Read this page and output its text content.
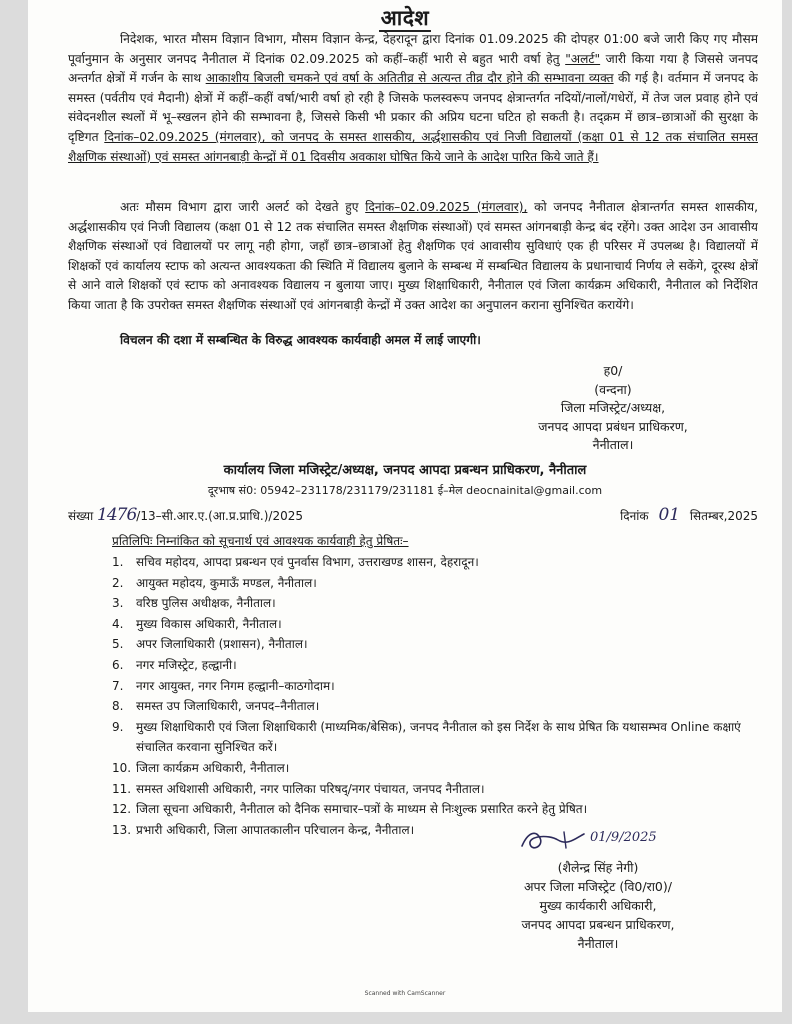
आदेश

निदेशक, भारत मौसम विज्ञान विभाग, मौसम विज्ञान केन्द्र, देहरादून द्वारा दिनांक 01.09.2025 की दोपहर 01:00 बजे जारी किए गए मौसम पूर्वानुमान के अनुसार जनपद नैनीताल में दिनांक 02.09.2025 को कहीं–कहीं भारी से बहुत भारी वर्षा हेतु "अलर्ट" जारी किया गया है जिससे जनपद अन्तर्गत क्षेत्रों में गर्जन के साथ आकाशीय बिजली चमकने एवं वर्षा के अतितीव्र से अत्यन्त तीव्र दौर होने की सम्भावना व्यक्त की गई है। वर्तमान में जनपद के समस्त (पर्वतीय एवं मैदानी) क्षेत्रों में कहीं–कहीं वर्षा/भारी वर्षा हो रही है जिसके फलस्वरूप जनपद क्षेत्रान्तर्गत नदियों/नालों/गधेरों, में तेज जल प्रवाह होने एवं संवेदनशील स्थलों में भू–स्खलन होने की सम्भावना है, जिससे किसी भी प्रकार की अप्रिय घटना घटित हो सकती है। तद्क्रम में छात्र–छात्राओं की सुरक्षा के दृष्टिगत दिनांक–02.09.2025 (मंगलवार), को जनपद के समस्त शासकीय, अर्द्धशासकीय एवं निजी विद्यालयों (कक्षा 01 से 12 तक संचालित समस्त शैक्षणिक संस्थाओं) एवं समस्त आंगनबाड़ी केन्द्रों में 01 दिवसीय अवकाश घोषित किये जाने के आदेश पारित किये जाते हैं।

अतः मौसम विभाग द्वारा जारी अलर्ट को देखते हुए दिनांक–02.09.2025 (मंगलवार), को जनपद नैनीताल क्षेत्रान्तर्गत समस्त शासकीय, अर्द्धशासकीय एवं निजी विद्यालय (कक्षा 01 से 12 तक संचालित समस्त शैक्षणिक संस्थाओं) एवं समस्त आंगनबाड़ी केन्द्र बंद रहेंगे। उक्त आदेश उन आवासीय शैक्षणिक संस्थाओं एवं विद्यालयों पर लागू नही होगा, जहाँ छात्र–छात्राओं हेतु शैक्षणिक एवं आवासीय सुविधाएं एक ही परिसर में उपलब्ध है। विद्यालयों में शिक्षकों एवं कार्यालय स्टाफ को अत्यन्त आवश्यकता की स्थिति में विद्यालय बुलाने के सम्बन्ध में सम्बन्धित विद्यालय के प्रधानाचार्य निर्णय ले सकेंगे, दूरस्थ क्षेत्रों से आने वाले शिक्षकों एवं स्टाफ को अनावश्यक विद्यालय न बुलाया जाए। मुख्य शिक्षाधिकारी, नैनीताल एवं जिला कार्यक्रम अधिकारी, नैनीताल को निर्देशित किया जाता है कि उपरोक्त समस्त शैक्षणिक संस्थाओं एवं आंगनबाड़ी केन्द्रों में उक्त आदेश का अनुपालन कराना सुनिश्चित करायेंगे।

विचलन की दशा में सम्बन्धित के विरुद्ध आवश्यक कार्यवाही अमल में लाई जाएगी।

ह0/
(वन्दना)
जिला मजिस्ट्रेट/अध्यक्ष,
जनपद आपदा प्रबंधन प्राधिकरण,
नैनीताल।
कार्यालय जिला मजिस्ट्रेट/अध्यक्ष, जनपद आपदा प्रबन्धन प्राधिकरण, नैनीताल
दूरभाष सं0: 05942–231178/231179/231181 ई–मेल deocnainital@gmail.com
संख्या 1476/13–सी.आर.ए.(आ.प्र.प्राधि.)/2025	दिनांक 01 सितम्बर,2025
प्रतिलिपिः निम्नांकित को सूचनार्थ एवं आवश्यक कार्यवाही हेतु प्रेषितः–
1.	सचिव महोदय, आपदा प्रबन्धन एवं पुनर्वास विभाग, उत्तराखण्ड शासन, देहरादून।
2.	आयुक्त महोदय, कुमाऊँ मण्डल, नैनीताल।
3.	वरिष्ठ पुलिस अधीक्षक, नैनीताल।
4.	मुख्य विकास अधिकारी, नैनीताल।
5.	अपर जिलाधिकारी (प्रशासन), नैनीताल।
6.	नगर मजिस्ट्रेट, हल्द्वानी।
7.	नगर आयुक्त, नगर निगम हल्द्वानी–काठगोदाम।
8.	समस्त उप जिलाधिकारी, जनपद–नैनीताल।
9.	मुख्य शिक्षाधिकारी एवं जिला शिक्षाधिकारी (माध्यमिक/बेसिक), जनपद नैनीताल को इस निर्देश के साथ प्रेषित कि यथासम्भव Online कक्षाएं संचालित करवाना सुनिश्चित करें।
10. जिला कार्यक्रम अधिकारी, नैनीताल।
11. समस्त अधिशासी अधिकारी, नगर पालिका परिषद्/नगर पंचायत, जनपद नैनीताल।
12. जिला सूचना अधिकारी, नैनीताल को दैनिक समाचार–पत्रों के माध्यम से निःशुल्क प्रसारित करने हेतु प्रेषित।
13. प्रभारी अधिकारी, जिला आपातकालीन परिचालन केन्द्र, नैनीताल।
01/9/2025
(शैलेन्द्र सिंह नेगी)
अपर जिला मजिस्ट्रेट (वि0/रा0)/
मुख्य कार्यकारी अधिकारी,
जनपद आपदा प्रबन्धन प्राधिकरण,
नैनीताल।
Scanned with CamScanner
